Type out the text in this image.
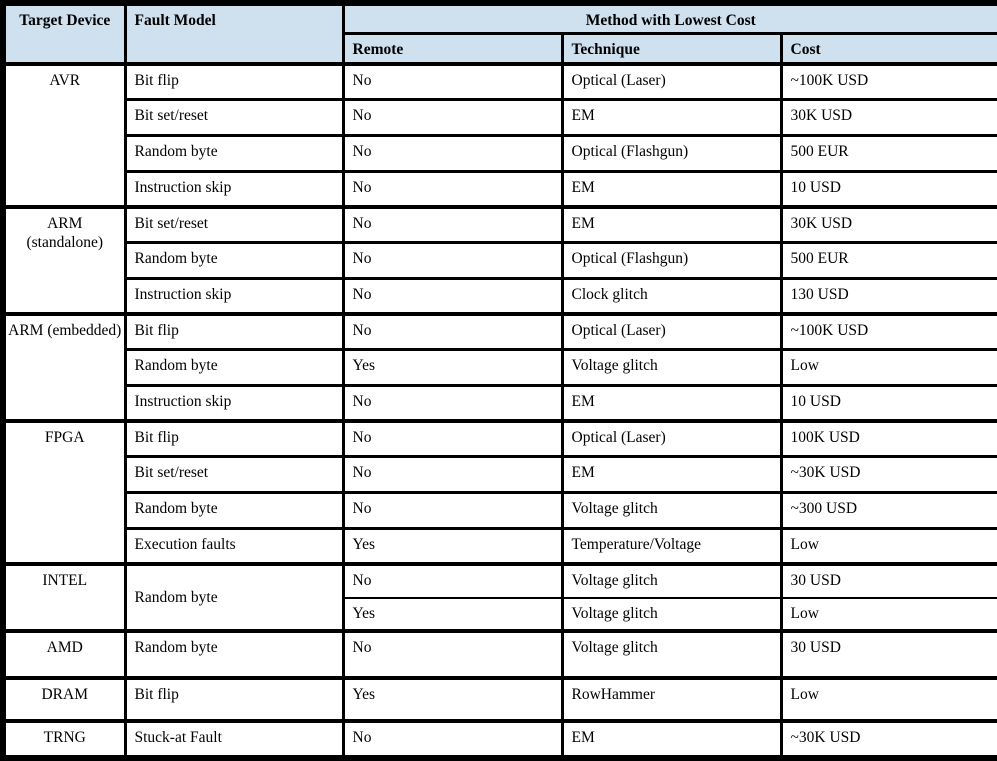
Target Device	Fault Model	Method with Lowest Cost		
		Remote	Technique	Cost
AVR	Bit flip	No	Optical (Laser)	~100K USD
	Bit set/reset	No	EM	30K USD
	Random byte	No	Optical (Flashgun)	500 EUR
	Instruction skip	No	EM	10 USD
ARM (standalone)	Bit set/reset	No	EM	30K USD
	Random byte	No	Optical (Flashgun)	500 EUR
	Instruction skip	No	Clock glitch	130 USD
ARM (embedded)	Bit flip	No	Optical (Laser)	~100K USD
	Random byte	Yes	Voltage glitch	Low
	Instruction skip	No	EM	10 USD
FPGA	Bit flip	No	Optical (Laser)	100K USD
	Bit set/reset	No	EM	~30K USD
	Random byte	No	Voltage glitch	~300 USD
	Execution faults	Yes	Temperature/Voltage	Low
INTEL	Random byte	No	Voltage glitch	30 USD
		Yes	Voltage glitch	Low
AMD	Random byte	No	Voltage glitch	30 USD
DRAM	Bit flip	Yes	RowHammer	Low
TRNG	Stuck-at Fault	No	EM	~30K USD
